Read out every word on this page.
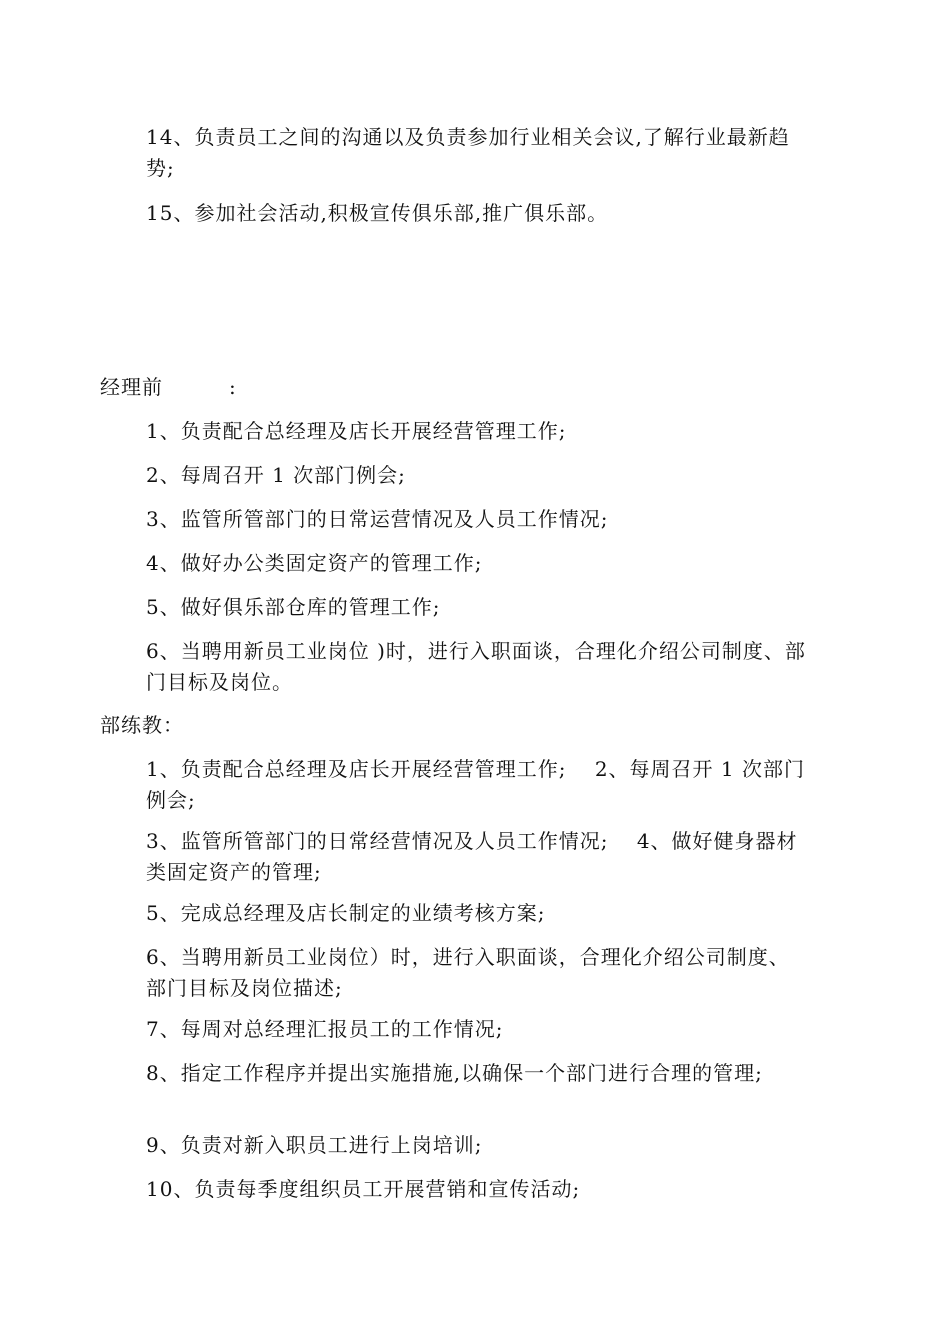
14、负责员工之间的沟通以及负责参加行业相关会议,了解行业最新趋势;
15、参加社会活动,积极宣传俱乐部,推广俱乐部。
经理前	:
1、负责配合总经理及店长开展经营管理工作;
2、每周召开 1 次部门例会;
3、监管所管部门的日常运营情况及人员工作情况;
4、做好办公类固定资产的管理工作;
5、做好俱乐部仓库的管理工作;
6、当聘用新员工业岗位 )时，进行入职面谈，合理化介绍公司制度、部门目标及岗位。
部练教：
1、负责配合总经理及店长开展经营管理工作;　 2、每周召开 1 次部门例会;
3、监管所管部门的日常经营情况及人员工作情况;　 4、做好健身器材类固定资产的管理;
5、完成总经理及店长制定的业绩考核方案;
6、当聘用新员工业岗位）时，进行入职面谈，合理化介绍公司制度、部门目标及岗位描述;
7、每周对总经理汇报员工的工作情况;
8、指定工作程序并提出实施措施,以确保一个部门进行合理的管理;
9、负责对新入职员工进行上岗培训;
10、负责每季度组织员工开展营销和宣传活动;
